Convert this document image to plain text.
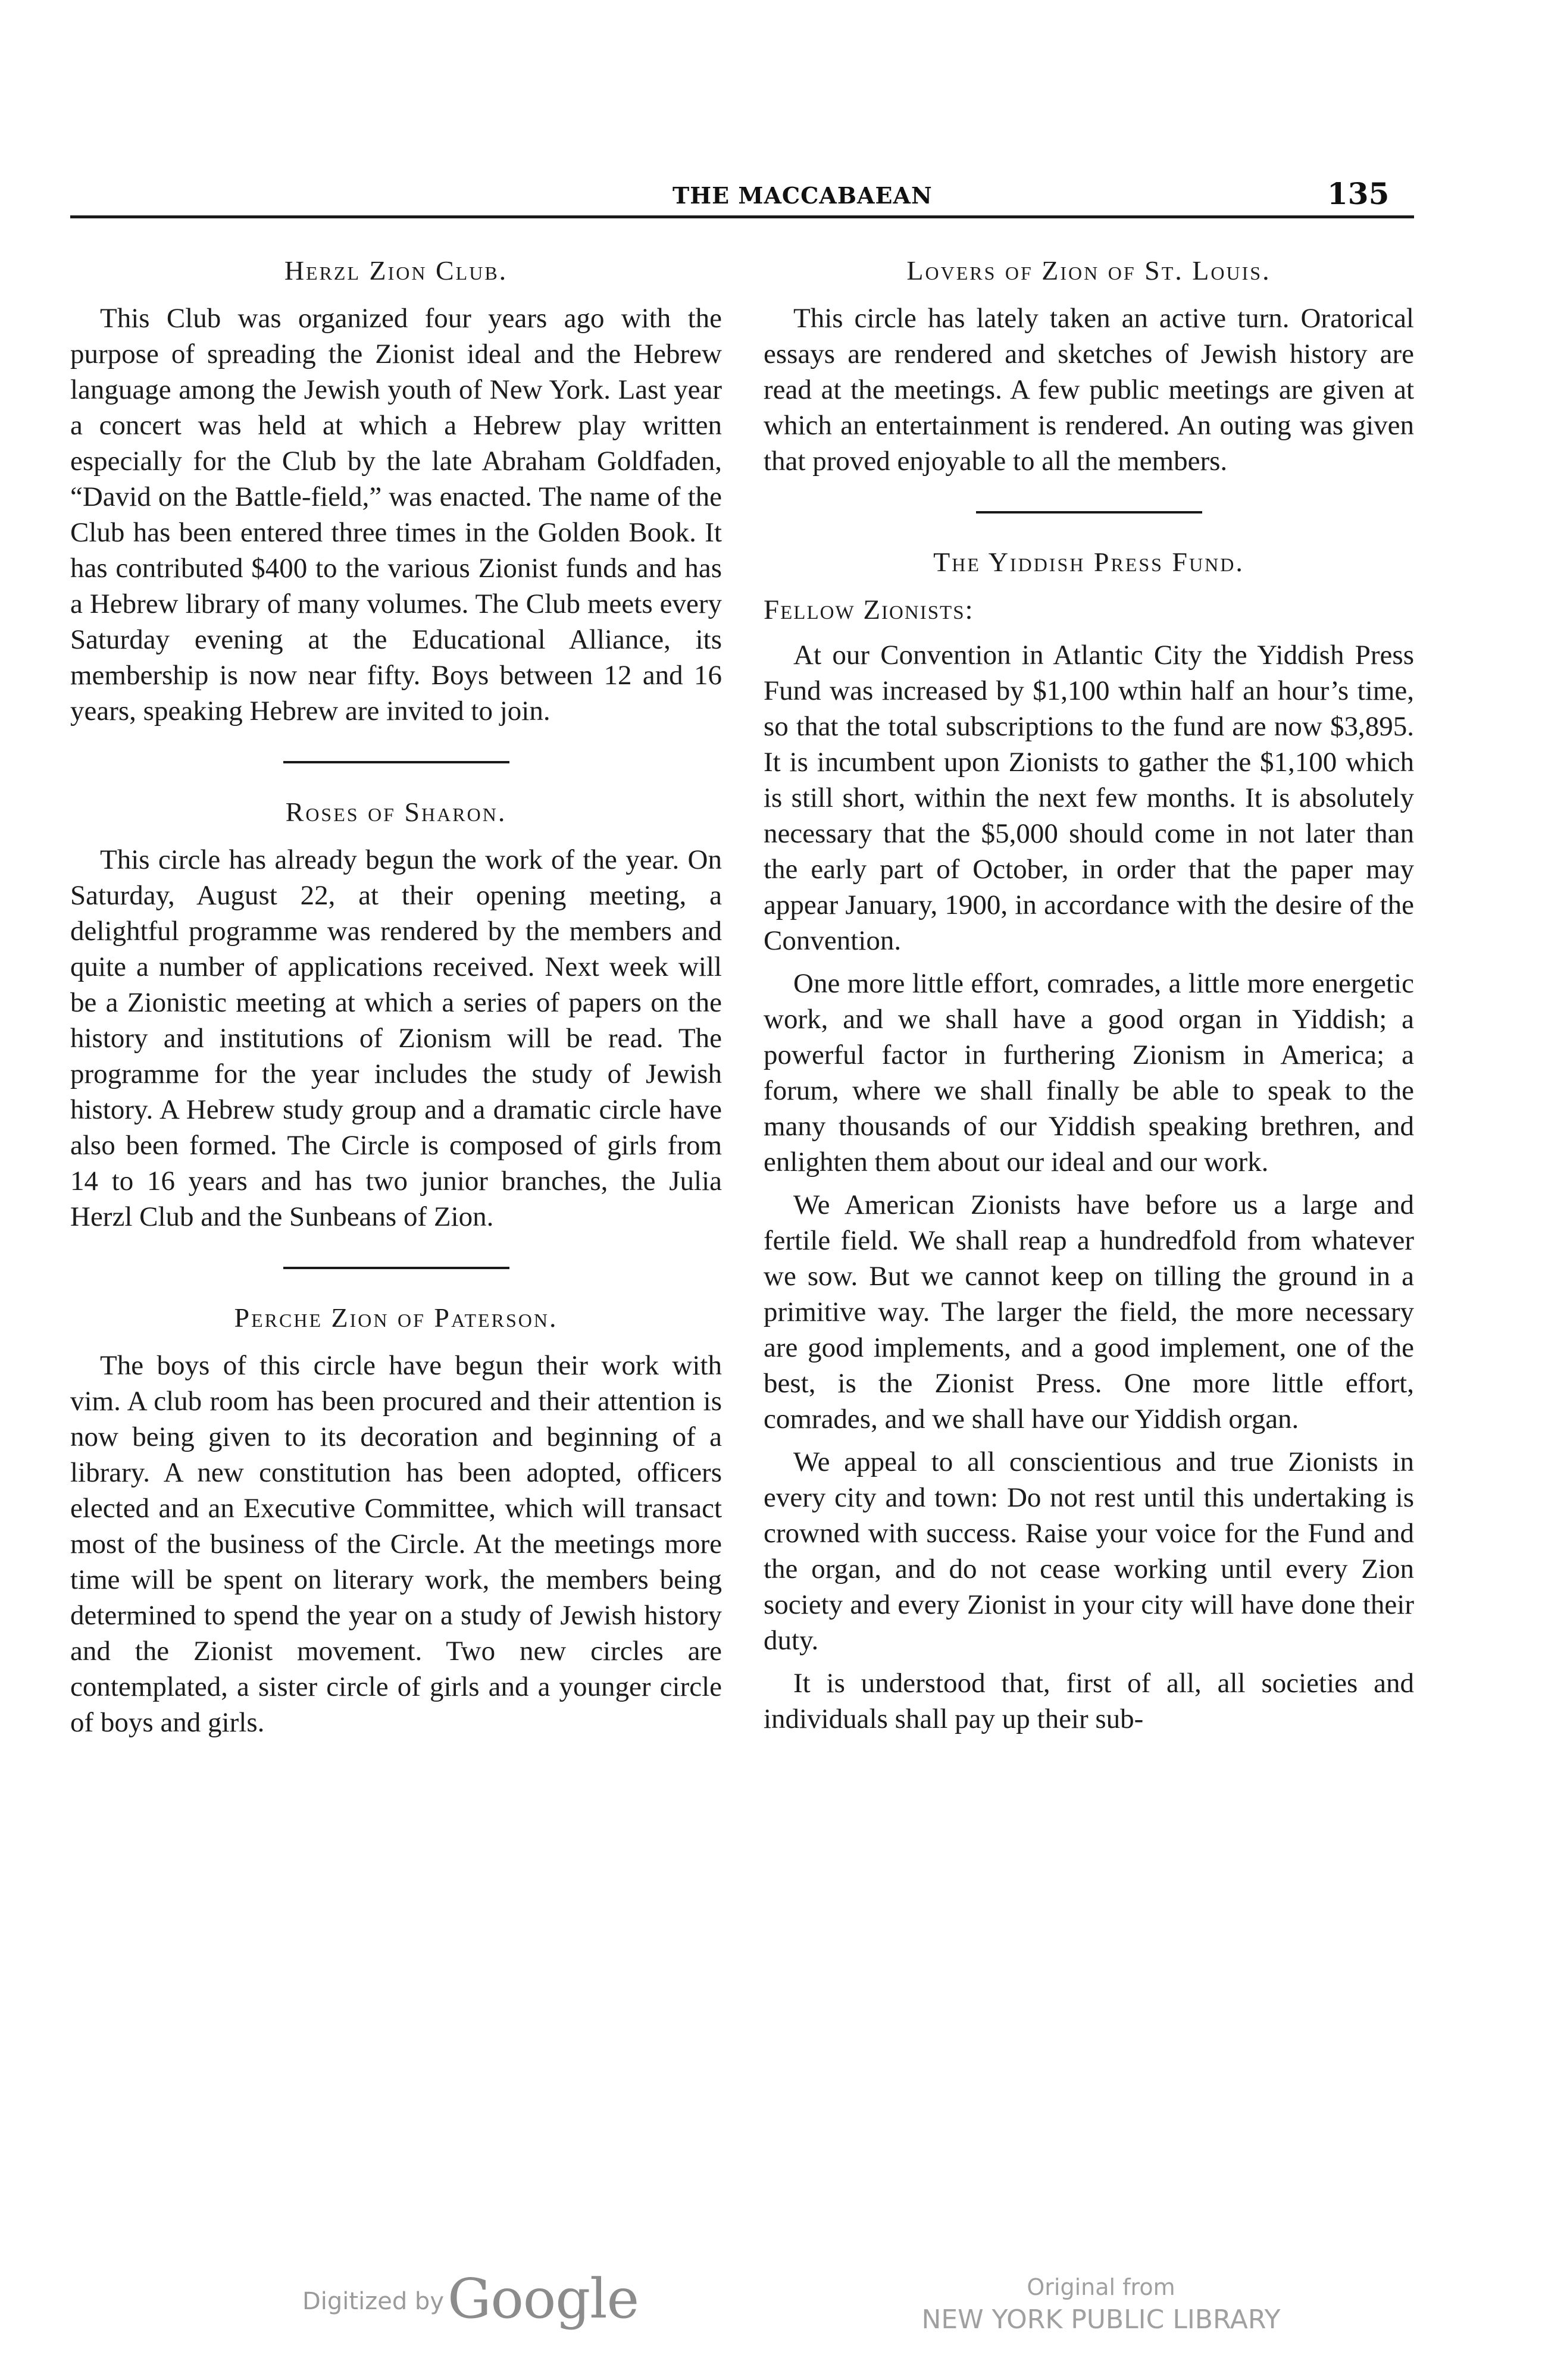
THE MACCABAEAN	135
Herzl Zion Club.

This Club was organized four years ago with the purpose of spreading the Zionist ideal and the Hebrew language among the Jewish youth of New York. Last year a concert was held at which a Hebrew play written especially for the Club by the late Abraham Goldfaden, “David on the Battle-field,” was enacted. The name of the Club has been entered three times in the Golden Book. It has contributed $400 to the various Zionist funds and has a Hebrew library of many volumes. The Club meets every Saturday evening at the Educational Alliance, its membership is now near fifty. Boys between 12 and 16 years, speaking Hebrew are invited to join.

Roses of Sharon.

This circle has already begun the work of the year. On Saturday, August 22, at their opening meeting, a delightful programme was rendered by the members and quite a number of applications received. Next week will be a Zionistic meeting at which a series of papers on the history and institutions of Zionism will be read. The programme for the year includes the study of Jewish history. A Hebrew study group and a dramatic circle have also been formed. The Circle is composed of girls from 14 to 16 years and has two junior branches, the Julia Herzl Club and the Sunbeans of Zion.

Perche Zion of Paterson.

The boys of this circle have begun their work with vim. A club room has been procured and their attention is now being given to its decoration and beginning of a library. A new constitution has been adopted, officers elected and an Executive Committee, which will transact most of the business of the Circle. At the meetings more time will be spent on literary work, the members being determined to spend the year on a study of Jewish history and the Zionist movement. Two new circles are contemplated, a sister circle of girls and a younger circle of boys and girls.

Lovers of Zion of St. Louis.

This circle has lately taken an active turn. Oratorical essays are rendered and sketches of Jewish history are read at the meetings. A few public meetings are given at which an entertainment is rendered. An outing was given that proved enjoyable to all the members.

The Yiddish Press Fund.

Fellow Zionists:

At our Convention in Atlantic City the Yiddish Press Fund was increased by $1,100 wthin half an hour’s time, so that the total subscriptions to the fund are now $3,895. It is incumbent upon Zionists to gather the $1,100 which is still short, within the next few months. It is absolutely necessary that the $5,000 should come in not later than the early part of October, in order that the paper may appear January, 1900, in accordance with the desire of the Convention.

One more little effort, comrades, a little more energetic work, and we shall have a good organ in Yiddish; a powerful factor in furthering Zionism in America; a forum, where we shall finally be able to speak to the many thousands of our Yiddish speaking brethren, and enlighten them about our ideal and our work.

We American Zionists have before us a large and fertile field. We shall reap a hundredfold from whatever we sow. But we cannot keep on tilling the ground in a primitive way. The larger the field, the more necessary are good implements, and a good implement, one of the best, is the Zionist Press. One more little effort, comrades, and we shall have our Yiddish organ.

We appeal to all conscientious and true Zionists in every city and town: Do not rest until this undertaking is crowned with success. Raise your voice for the Fund and the organ, and do not cease working until every Zion society and every Zionist in your city will have done their duty.

It is understood that, first of all, all societies and individuals shall pay up their sub-

Digitized by Google	Original from
NEW YORK PUBLIC LIBRARY
